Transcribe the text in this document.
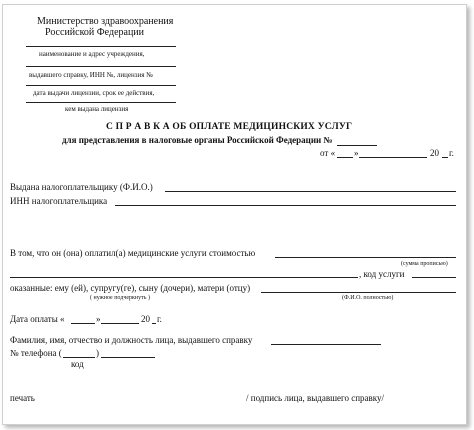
Министерство здравоохранения
Российской Федерации
наименование и адрес учреждения,
выдавшего справку, ИНН №, лицензия №
дата выдачи лицензии, срок ее действия,
кем выдана лицензия
С П Р А В К А ОБ ОПЛАТЕ МЕДИЦИНСКИХ УСЛУГ
для представления в налоговые органы Российской Федерации №
от « »	20 г.
Выдана налогоплательщику (Ф.И.О.)
ИНН налогоплательщика
В том, что он (она) оплатил(а) медицинские услуги стоимостью
(сумма прописью)
, код услуги
оказанные: ему (ей), супругу(ге), сыну (дочери), матери (отцу)
( нужное подчеркнуть )	(Ф.И.О. полностью)
Дата оплаты «	»	20 г.
Фамилия, имя, отчество и должность лица, выдавшего справку
№ телефона (	)
код
печать	/ подпись лица, выдавшего справку/
